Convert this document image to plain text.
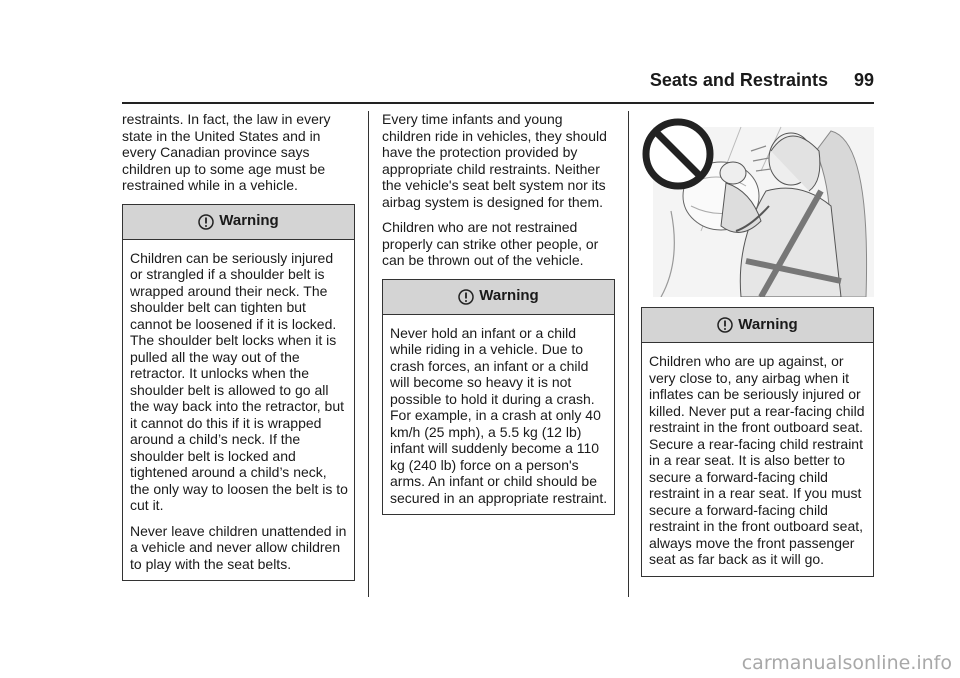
Seats and Restraints 99

restraints. In fact, the law in every state in the United States and in every Canadian province says children up to some age must be restrained while in a vehicle.

Warning

Children can be seriously injured or strangled if a shoulder belt is wrapped around their neck. The shoulder belt can tighten but cannot be loosened if it is locked. The shoulder belt locks when it is pulled all the way out of the retractor. It unlocks when the shoulder belt is allowed to go all the way back into the retractor, but it cannot do this if it is wrapped around a child’s neck. If the shoulder belt is locked and tightened around a child’s neck, the only way to loosen the belt is to cut it.

Never leave children unattended in a vehicle and never allow children to play with the seat belts.

Every time infants and young children ride in vehicles, they should have the protection provided by appropriate child restraints. Neither the vehicle's seat belt system nor its airbag system is designed for them.

Children who are not restrained properly can strike other people, or can be thrown out of the vehicle.

Warning

Never hold an infant or a child while riding in a vehicle. Due to crash forces, an infant or a child will become so heavy it is not possible to hold it during a crash. For example, in a crash at only 40 km/h (25 mph), a 5.5 kg (12 lb) infant will suddenly become a 110 kg (240 lb) force on a person's arms. An infant or child should be secured in an appropriate restraint.

Warning

Children who are up against, or very close to, any airbag when it inflates can be seriously injured or killed. Never put a rear-facing child restraint in the front outboard seat. Secure a rear-facing child restraint in a rear seat. It is also better to secure a forward-facing child restraint in a rear seat. If you must secure a forward-facing child restraint in the front outboard seat, always move the front passenger seat as far back as it will go.

carmanualsonline.info
